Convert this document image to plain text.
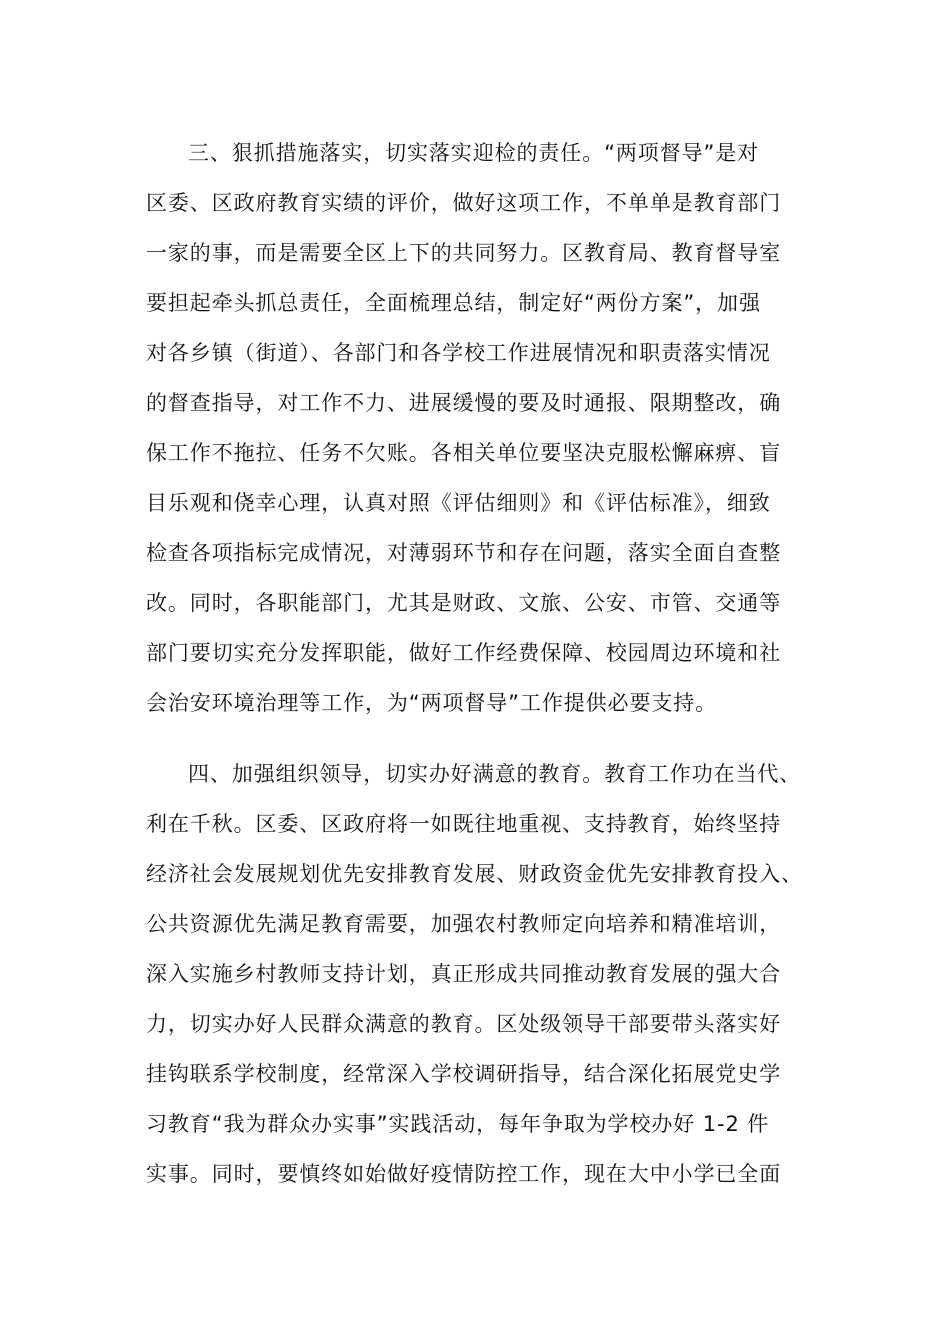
三、狠抓措施落实，切实落实迎检的责任。“两项督导”是对
区委、区政府教育实绩的评价，做好这项工作，不单单是教育部门
一家的事，而是需要全区上下的共同努力。区教育局、教育督导室
要担起牵头抓总责任，全面梳理总结，制定好“两份方案”，加强
对各乡镇（街道）、各部门和各学校工作进展情况和职责落实情况
的督查指导，对工作不力、进展缓慢的要及时通报、限期整改，确
保工作不拖拉、任务不欠账。各相关单位要坚决克服松懈麻痹、盲
目乐观和侥幸心理，认真对照《评估细则》和《评估标准》，细致
检查各项指标完成情况，对薄弱环节和存在问题，落实全面自查整
改。同时，各职能部门，尤其是财政、文旅、公安、市管、交通等
部门要切实充分发挥职能，做好工作经费保障、校园周边环境和社
会治安环境治理等工作，为“两项督导”工作提供必要支持。
四、加强组织领导，切实办好满意的教育。教育工作功在当代、
利在千秋。区委、区政府将一如既往地重视、支持教育，始终坚持
经济社会发展规划优先安排教育发展、财政资金优先安排教育投入、
公共资源优先满足教育需要，加强农村教师定向培养和精准培训，
深入实施乡村教师支持计划，真正形成共同推动教育发展的强大合
力，切实办好人民群众满意的教育。区处级领导干部要带头落实好
挂钩联系学校制度，经常深入学校调研指导，结合深化拓展党史学
习教育“我为群众办实事”实践活动，每年争取为学校办好 1-2 件
实事。同时，要慎终如始做好疫情防控工作，现在大中小学已全面
